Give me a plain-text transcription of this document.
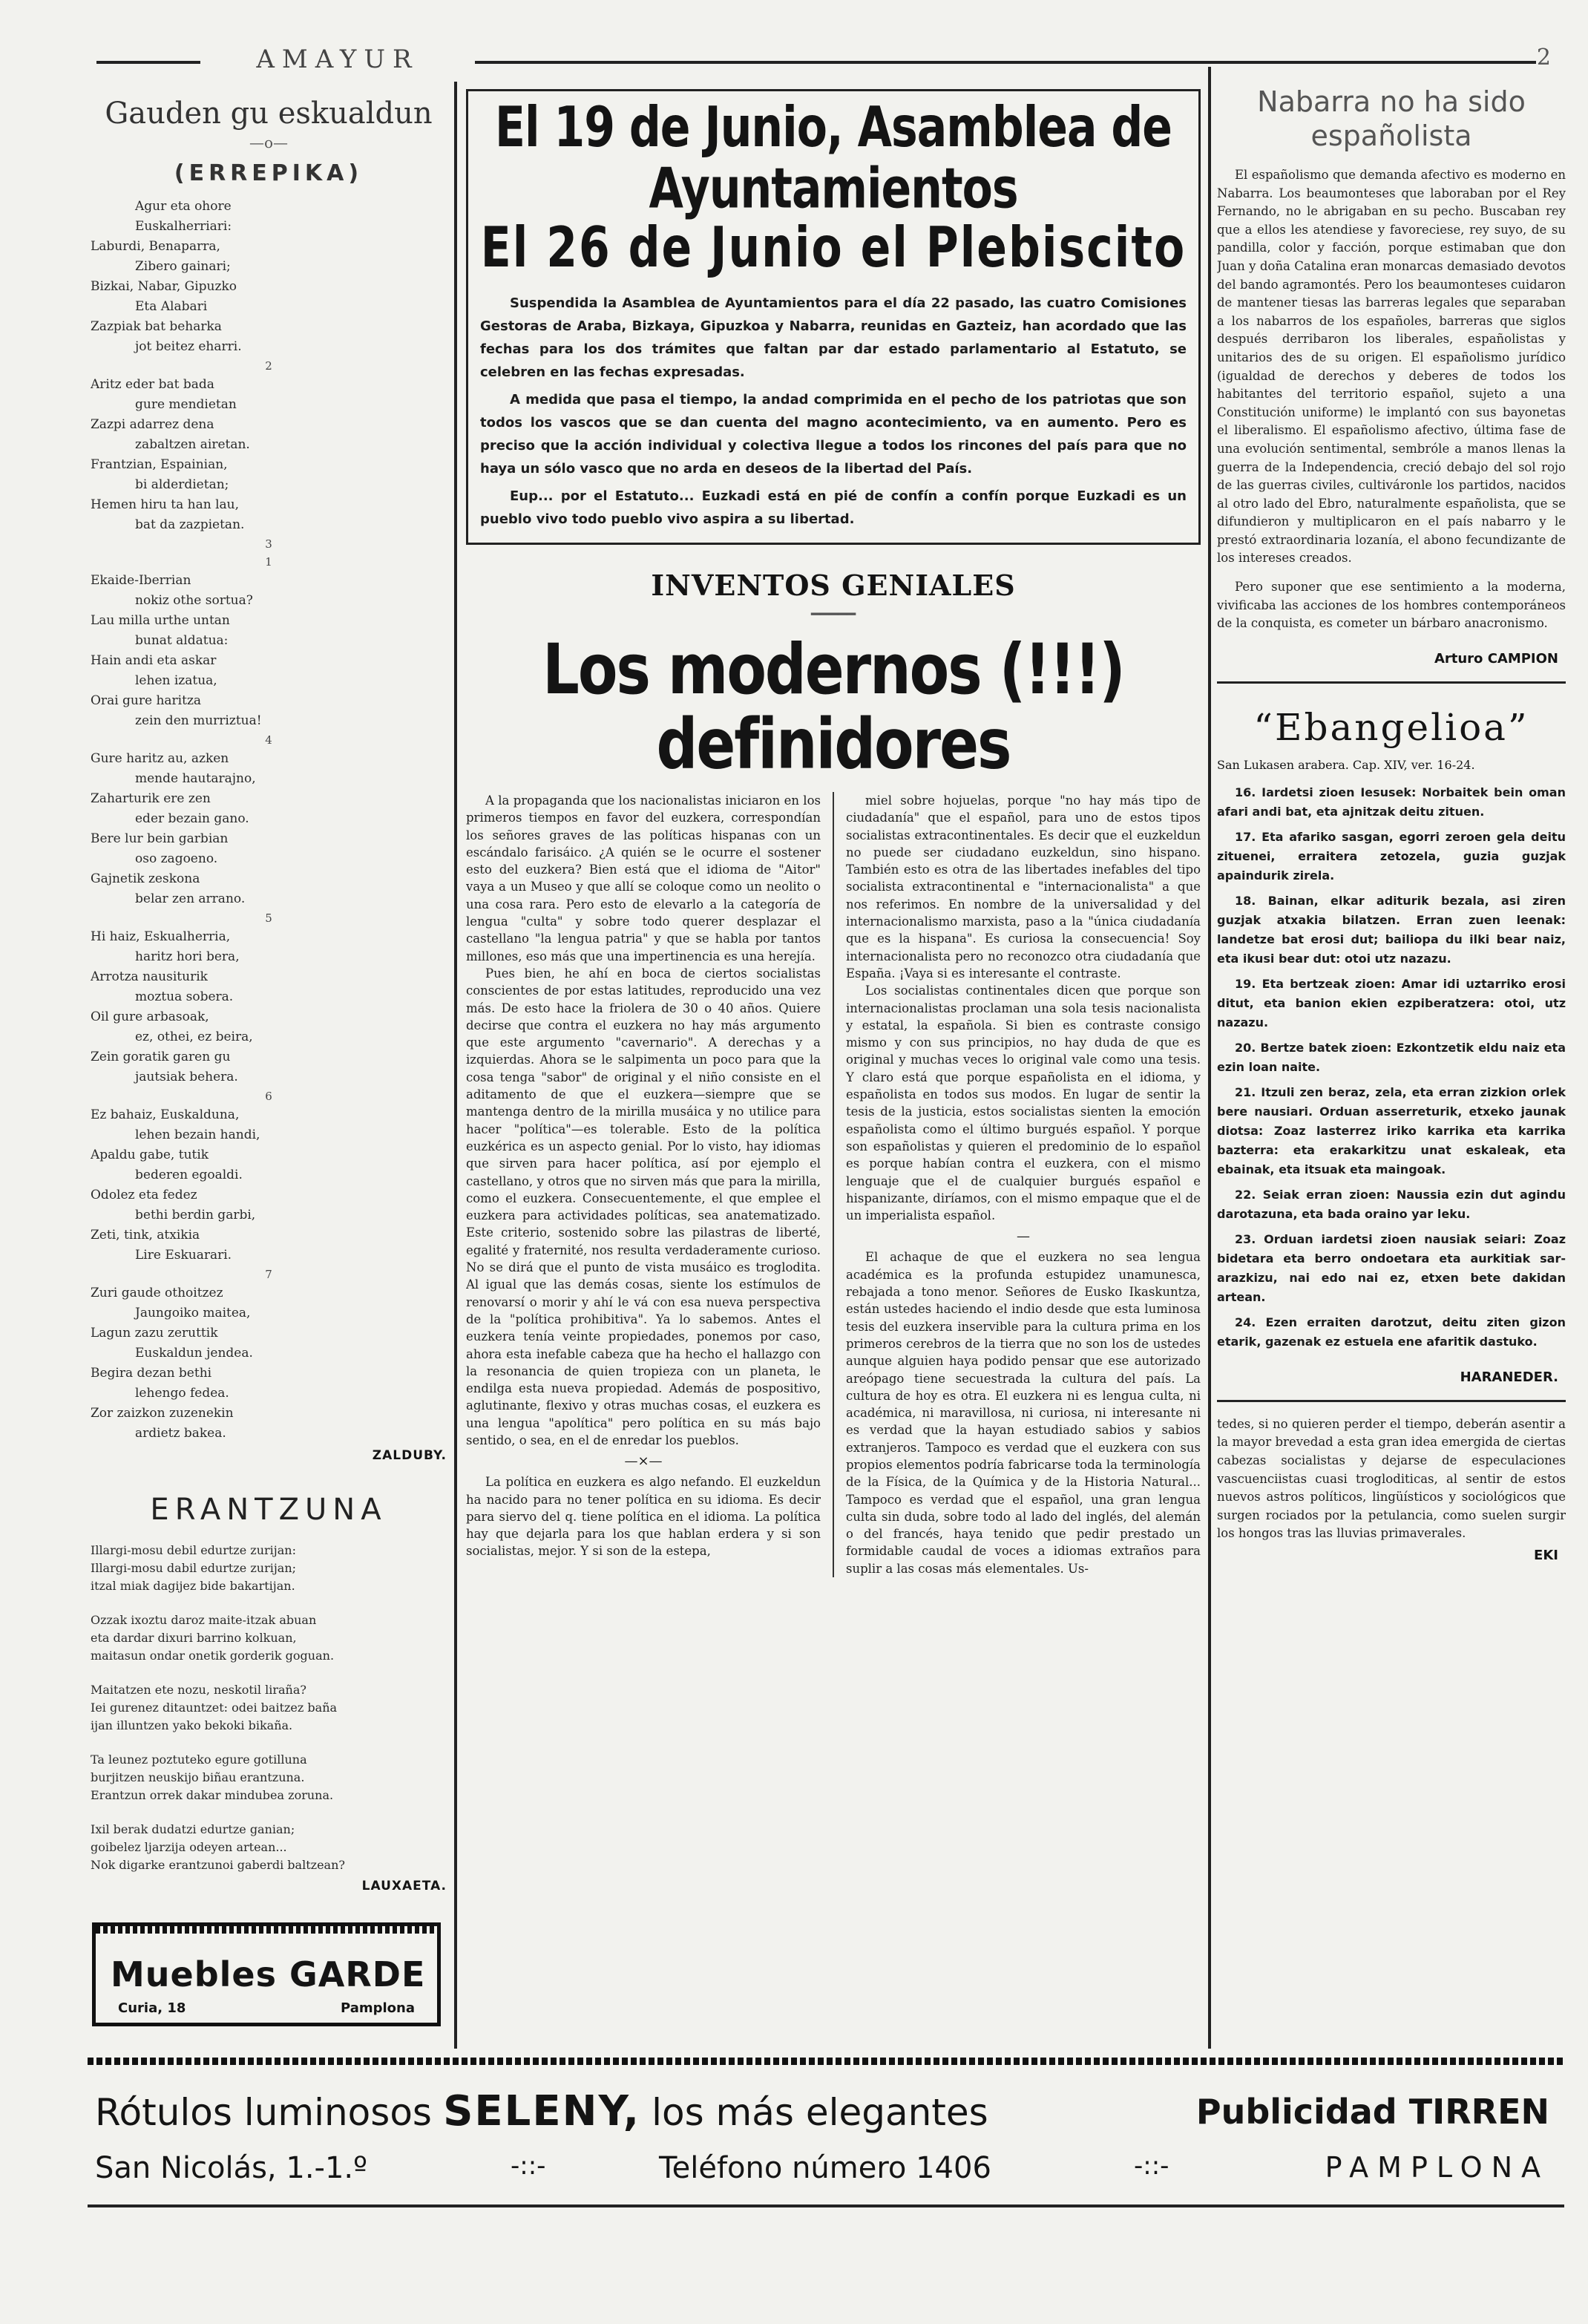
AMAYUR	2
Gauden gu eskualdun
—o—
(ERREPIKA)
Agur eta ohore
Euskalherriari:
Laburdi, Benaparra,
Zibero gainari;
Bizkai, Nabar, Gipuzko
Eta Alabari
Zazpiak bat beharka
jot beitez eharri.
2
Aritz eder bat bada
gure mendietan
Zazpi adarrez dena
zabaltzen airetan.
Frantzian, Espainian,
bi alderdietan;
Hemen hiru ta han lau,
bat da zazpietan.
3
1
Ekaide-Iberrian
nokiz othe sortua?
Lau milla urthe untan
bunat aldatua:
Hain andi eta askar
lehen izatua,
Orai gure haritza
zein den murriztua!
4
Gure haritz au, azken
mende hautarajno,
Zaharturik ere zen
eder bezain gano.
Bere lur bein garbian
oso zagoeno.
Gajnetik zeskona
belar zen arrano.
5
Hi haiz, Eskualherria,
haritz hori bera,
Arrotza nausiturik
moztua sobera.
Oil gure arbasoak,
ez, othei, ez beira,
Zein goratik garen gu
jautsiak behera.
6
Ez bahaiz, Euskalduna,
lehen bezain handi,
Apaldu gabe, tutik
bederen egoaldi.
Odolez eta fedez
bethi berdin garbi,
Zeti, tink, atxikia
Lire Eskuarari.
7
Zuri gaude othoitzez
Jaungoiko maitea,
Lagun zazu zeruttik
Euskaldun jendea.
Begira dezan bethi
lehengo fedea.
Zor zaizkon zuzenekin
ardietz bakea.
ZALDUBY.
ERANTZUNA
Illargi-mosu debil edurtze zurijan:
Illargi-mosu dabil edurtze zurijan;
itzal miak dagijez bide bakartijan.
Ozzak ixoztu daroz maite-itzak abuan
eta dardar dixuri barrino kolkuan,
maitasun ondar onetik gorderik goguan.
Maitatzen ete nozu, neskotil liraña?
Iei gurenez ditauntzet: odei baitzez baña
ijan illuntzen yako bekoki bikaña.
Ta leunez poztuteko egure gotilluna
burjitzen neuskijo biñau erantzuna.
Erantzun orrek dakar mindubea zoruna.
Ixil berak dudatzi edurtze ganian;
goibelez ljarzija odeyen artean...
Nok digarke erantzunoi gaberdi baltzean?
LAUXAETA.
Muebles GARDE
Curia, 18	Pamplona
El 19 de Junio, Asamblea de Ayuntamientos
El 26 de Junio el Plebiscito

Suspendida la Asamblea de Ayuntamientos para el día 22 pasado, las cuatro Comisiones Gestoras de Araba, Bizkaya, Gipuzkoa y Nabarra, reunidas en Gazteiz, han acordado que las fechas para los dos trámites que faltan par dar estado parlamentario al Estatuto, se celebren en las fechas expresadas.

A medida que pasa el tiempo, la andad comprimida en el pecho de los patriotas que son todos los vascos que se dan cuenta del magno acontecimiento, va en aumento. Pero es preciso que la acción individual y colectiva llegue a todos los rincones del país para que no haya un sólo vasco que no arda en deseos de la libertad del País.

Eup... por el Estatuto... Euzkadi está en pié de confín a confín porque Euzkadi es un pueblo vivo todo pueblo vivo aspira a su libertad.

INVENTOS GENIALES
━━━━━
Los modernos (!!!) definidores

A la propaganda que los nacionalistas iniciaron en los primeros tiempos en favor del euzkera, correspondían los señores graves de las políticas hispanas con un escándalo farisáico. ¿A quién se le ocurre el sostener esto del euzkera? Bien está que el idioma de "Aitor" vaya a un Museo y que allí se coloque como un neolito o una cosa rara. Pero esto de elevarlo a la categoría de lengua "culta" y sobre todo querer desplazar el castellano "la lengua patria" y que se habla por tantos millones, eso más que una impertinencia es una herejía.

Pues bien, he ahí en boca de ciertos socialistas conscientes de por estas latitudes, reproducido una vez más. De esto hace la friolera de 30 o 40 años. Quiere decirse que contra el euzkera no hay más argumento que este argumento "cavernario". A derechas y a izquierdas. Ahora se le salpimenta un poco para que la cosa tenga "sabor" de original y el niño consiste en el aditamento de que el euzkera—siempre que se mantenga dentro de la mirilla musáica y no utilice para hacer "política"—es tolerable. Esto de la política euzkérica es un aspecto genial. Por lo visto, hay idiomas que sirven para hacer política, así por ejemplo el castellano, y otros que no sirven más que para la mirilla, como el euzkera. Consecuentemente, el que emplee el euzkera para actividades políticas, sea anatematizado. Este criterio, sostenido sobre las pilastras de liberté, egalité y fraternité, nos resulta verdaderamente curioso. No se dirá que el punto de vista musáico es troglodita. Al igual que las demás cosas, siente los estímulos de renovarsí o morir y ahí le vá con esa nueva perspectiva de la "política prohibitiva". Ya lo sabemos. Antes el euzkera tenía veinte propiedades, ponemos por caso, ahora esta inefable cabeza que ha hecho el hallazgo con la resonancia de quien tropieza con un planeta, le endilga esta nueva propiedad. Además de pospositivo, aglutinante, flexivo y otras muchas cosas, el euzkera es una lengua "apolítica" pero política en su más bajo sentido, o sea, en el de enredar los pueblos.

—×—

La política en euzkera es algo nefando. El euzkeldun ha nacido para no tener política en su idioma. Es decir para siervo del q. tiene política en el idioma. La política hay que dejarla para los que hablan erdera y si son socialistas, mejor. Y si son de la estepa,

miel sobre hojuelas, porque "no hay más tipo de ciudadanía" que el español, para uno de estos tipos socialistas extracontinentales. Es decir que el euzkeldun no puede ser ciudadano euzkeldun, sino hispano. También esto es otra de las libertades inefables del tipo socialista extracontinental e "internacionalista" a que nos referimos. En nombre de la universalidad y del internacionalismo marxista, paso a la "única ciudadanía que es la hispana". Es curiosa la consecuencia! Soy internacionalista pero no reconozco otra ciudadanía que España. ¡Vaya si es interesante el contraste.

Los socialistas continentales dicen que porque son internacionalistas proclaman una sola tesis nacionalista y estatal, la española. Si bien es contraste consigo mismo y con sus principios, no hay duda de que es original y muchas veces lo original vale como una tesis. Y claro está que porque españolista en el idioma, y españolista en todos sus modos. En lugar de sentir la tesis de la justicia, estos socialistas sienten la emoción españolista como el último burgués español. Y porque son españolistas y quieren el predominio de lo español es porque habían contra el euzkera, con el mismo lenguaje que el de cualquier burgués español e hispanizante, diríamos, con el mismo empaque que el de un imperialista español.

—

El achaque de que el euzkera no sea lengua académica es la profunda estupidez unamunesca, rebajada a tono menor. Señores de Eusko Ikaskuntza, están ustedes haciendo el indio desde que esta luminosa tesis del euzkera inservible para la cultura prima en los primeros cerebros de la tierra que no son los de ustedes aunque alguien haya podido pensar que ese autorizado areópago tiene secuestrada la cultura del país. La cultura de hoy es otra. El euzkera ni es lengua culta, ni académica, ni maravillosa, ni curiosa, ni interesante ni es verdad que la hayan estudiado sabios y sabios extranjeros. Tampoco es verdad que el euzkera con sus propios elementos podría fabricarse toda la terminología de la Física, de la Química y de la Historia Natural... Tampoco es verdad que el español, una gran lengua culta sin duda, sobre todo al lado del inglés, del alemán o del francés, haya tenido que pedir prestado un formidable caudal de voces a idiomas extraños para suplir a las cosas más elementales. Us-

Nabarra no ha sido españolista

El españolismo que demanda afectivo es moderno en Nabarra. Los beaumonteses que laboraban por el Rey Fernando, no le abrigaban en su pecho. Buscaban rey que a ellos les atendiese y favoreciese, rey suyo, de su pandilla, color y facción, porque estimaban que don Juan y doña Catalina eran monarcas demasiado devotos del bando agramontés. Pero los beaumonteses cuidaron de mantener tiesas las barreras legales que separaban a los nabarros de los españoles, barreras que siglos después derribaron los liberales, españolistas y unitarios des de su origen. El españolismo jurídico (igualdad de derechos y deberes de todos los habitantes del territorio español, sujeto a una Constitución uniforme) le implantó con sus bayonetas el liberalismo. El españolismo afectivo, última fase de una evolución sentimental, sembróle a manos llenas la guerra de la Independencia, creció debajo del sol rojo de las guerras civiles, cultiváronle los partidos, nacidos al otro lado del Ebro, naturalmente españolista, que se difundieron y multiplicaron en el país nabarro y le prestó extraordinaria lozanía, el abono fecundizante de los intereses creados.

Pero suponer que ese sentimiento a la moderna, vivificaba las acciones de los hombres contemporáneos de la conquista, es cometer un bárbaro anacronismo.

Arturo CAMPION
“Ebangelioa”

San Lukasen arabera. Cap. XIV, ver. 16-24.

16. Iardetsi zioen Iesusek: Norbaitek bein oman afari andi bat, eta ajnitzak deitu zituen.

17. Eta afariko sasgan, egorri zeroen gela deitu zituenei, erraitera zetozela, guzia guzjak apaindurik zirela.

18. Bainan, elkar aditurik bezala, asi ziren guzjak atxakia bilatzen. Erran zuen leenak: landetze bat erosi dut; bailiopa du ilki bear naiz, eta ikusi bear dut: otoi utz nazazu.

19. Eta bertzeak zioen: Amar idi uztarriko erosi ditut, eta banion ekien ezpiberatzera: otoi, utz nazazu.

20. Bertze batek zioen: Ezkontzetik eldu naiz eta ezin loan naite.

21. Itzuli zen beraz, zela, eta erran zizkion orlek bere nausiari. Orduan asserreturik, etxeko jaunak diotsa: Zoaz lasterrez iriko karrika eta karrika bazterra: eta erakarkitzu unat eskaleak, eta ebainak, eta itsuak eta maingoak.

22. Seiak erran zioen: Naussia ezin dut agindu darotazuna, eta bada oraino yar leku.

23. Orduan iardetsi zioen nausiak seiari: Zoaz bidetara eta berro ondoetara eta aurkitiak sar-arazkizu, nai edo nai ez, etxen bete dakidan artean.

24. Ezen erraiten darotzut, deitu ziten gizon etarik, gazenak ez estuela ene afaritik dastuko.

HARANEDER.

tedes, si no quieren perder el tiempo, deberán asentir a la mayor brevedad a esta gran idea emergida de ciertas cabezas socialistas y dejarse de especulaciones vascuenciistas cuasi trogloditicas, al sentir de estos nuevos astros políticos, lingüísticos y sociológicos que surgen rociados por la petulancia, como suelen surgir los hongos tras las lluvias primaverales.

EKI
Rótulos luminosos SELENY, los más elegantes	Publicidad TIRREN
San Nicolás, 1.-1.º	-::-	Teléfono número 1406	-::-	PAMPLONA
